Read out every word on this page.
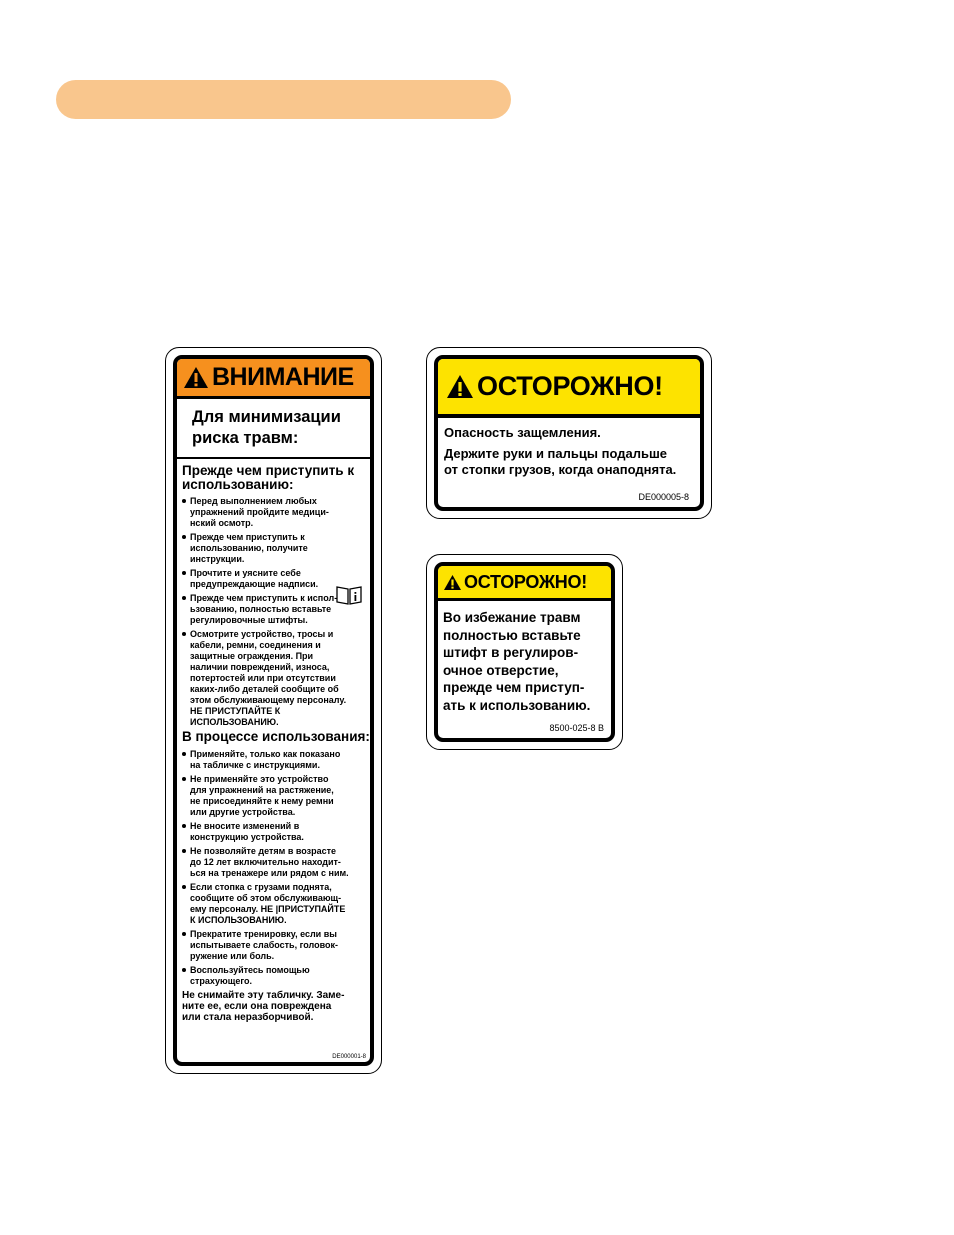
ВНИМАНИЕ
Для минимизации
риска травм:
Прежде чем приступить к использованию:
Перед выполнением любых
упражнений пройдите медици-
нский осмотр.
Прежде чем приступить к
использованию, получите
инструкции.
Прочтите и уясните себе
предупреждающие надписи.
Прежде чем приступить к испол-
ьзованию, полностью вставьте
регулировочные штифты.
Осмотрите устройство, тросы и
кабели, ремни, соединения и
защитные ограждения. При
наличии повреждений, износа,
потертостей или при отсутствии
каких-либо деталей сообщите об
этом обслуживающему персоналу.
НЕ ПРИСТУПАЙТЕ К
ИСПОЛЬЗОВАНИЮ.
В процессе использования:
Применяйте, только как показано
на табличке с инструкциями.
Не применяйте это устройство
для упражнений на растяжение,
не присоединяйте к нему ремни
или другие устройства.
Не вносите изменений в
конструкцию устройства.
Не позволяйте детям в возрасте
до 12 лет включительно находит-
ься на тренажере или рядом с ним.
Если стопка с грузами поднята,
сообщите об этом обслуживающ-
ему персоналу. НЕ |ПРИСТУПАЙТЕ
К ИСПОЛЬЗОВАНИЮ.
Прекратите тренировку, если вы
испытываете слабость, головок-
ружение или боль.
Воспользуйтесь помощью
страхующего.
Не снимайте эту табличку. Заме-
ните ее, если она повреждена
или стала неразборчивой.
DE000001-8
ОСТОРОЖНО!
Опасность защемления.
Держите руки и пальцы подальше
от стопки грузов, когда онаподнята.
DE000005-8
ОСТОРОЖНО!
Во избежание травм
полностью вставьте
штифт в регулиров-
очное отверстие,
прежде чем приступ-
ать к использованию.
8500-025-8 B
